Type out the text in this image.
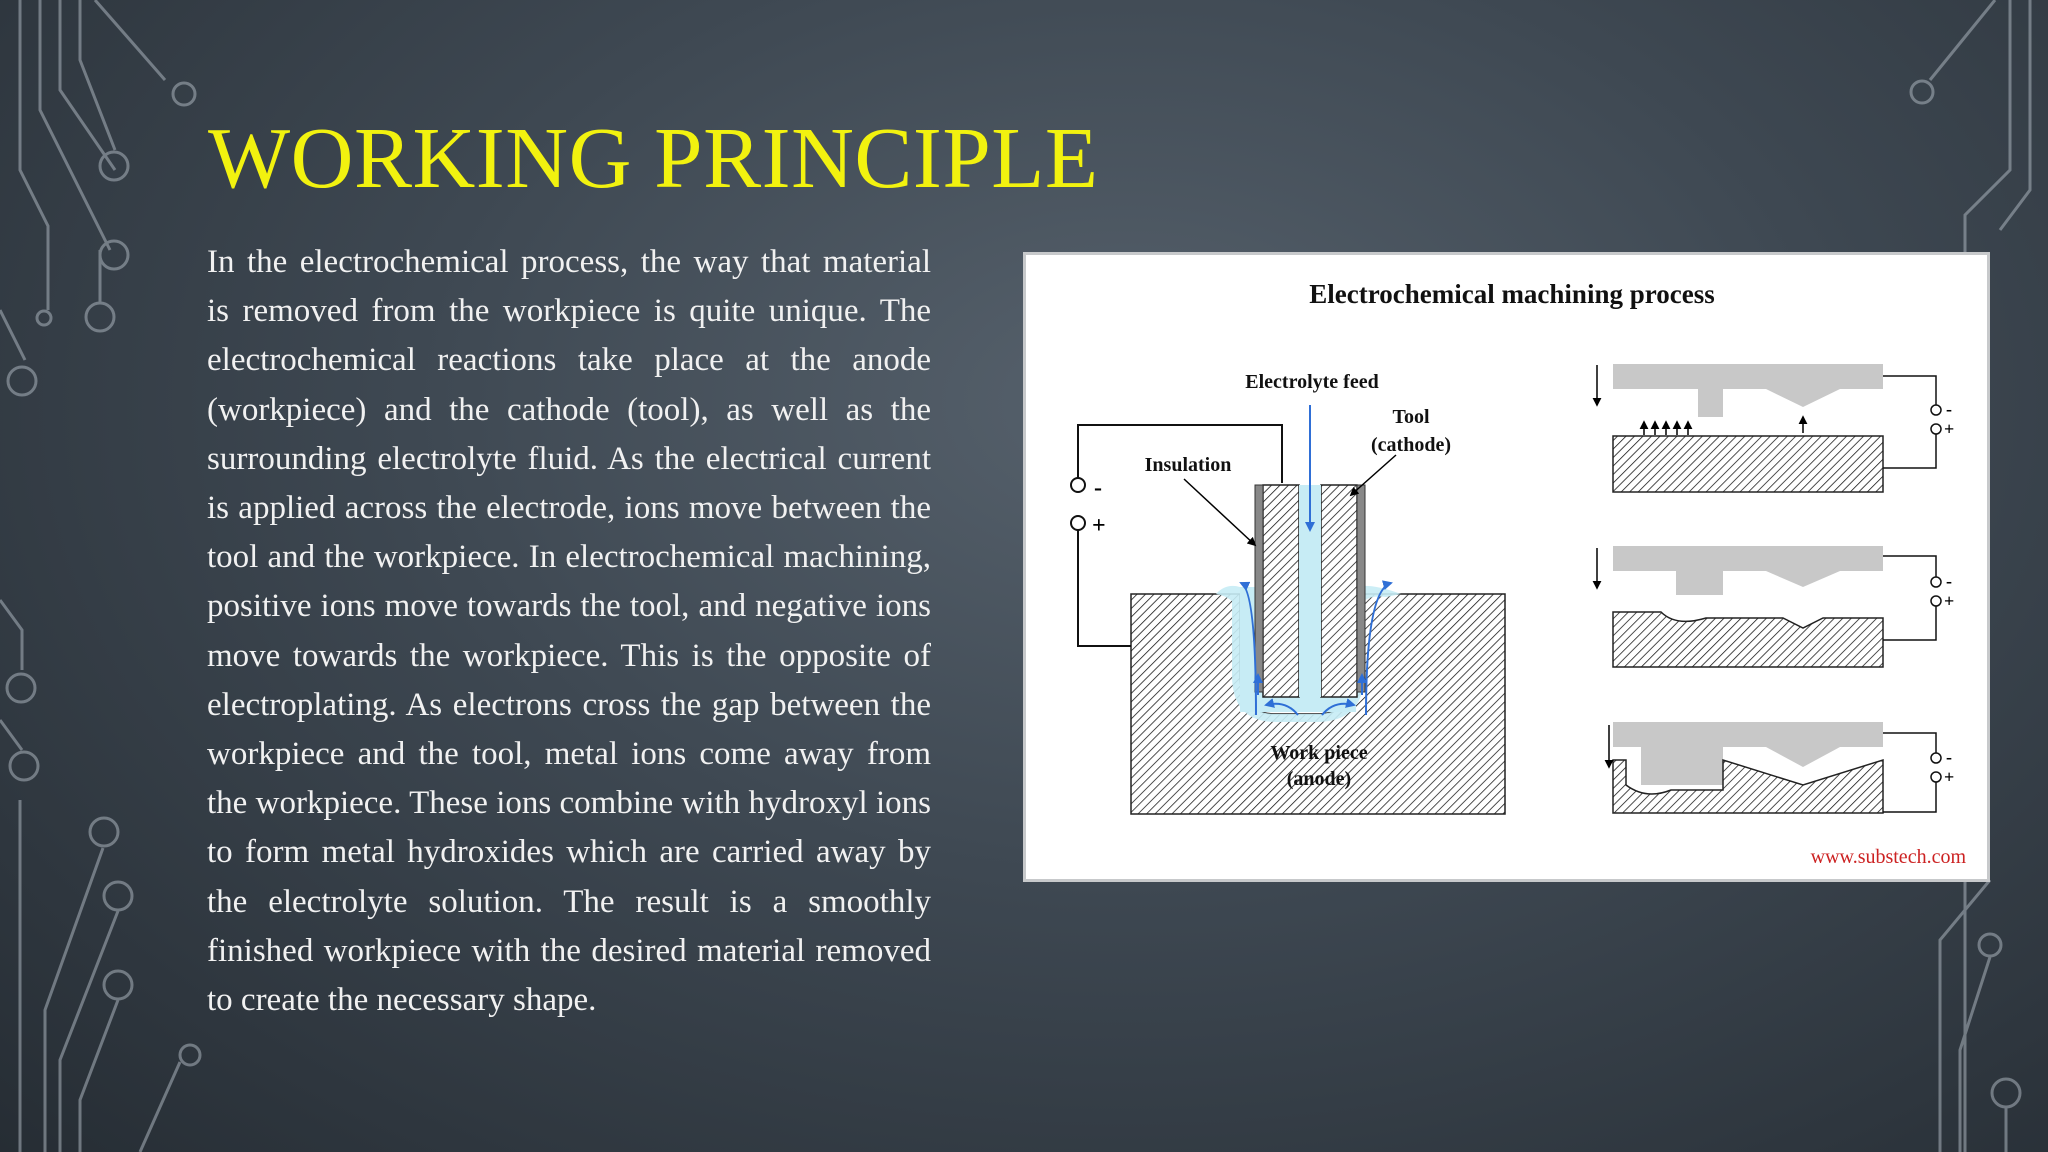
WORKING PRINCIPLE

In the electrochemical process, the way that material is removed from the workpiece is quite unique. The electrochemical reactions take place at the anode (workpiece) and the cathode (tool), as well as the surrounding electrolyte fluid. As the electrical current is applied across the electrode, ions move between the tool and the workpiece. In electrochemical machining, positive ions move towards the tool, and negative ions move towards the workpiece. This is the opposite of electroplating. As electrons cross the gap between the workpiece and the tool, metal ions come away from the workpiece. These ions combine with hydroxyl ions to form metal hydroxides which are carried away by the electrolyte solution. The result is a smoothly finished workpiece with the desired material removed to create the necessary shape.

Electrochemical machining process
-
+
Electrolyte feed
Tool
(cathode)
Insulation
Work piece
(anode)
-
+
-
+
-
+
www.substech.com
